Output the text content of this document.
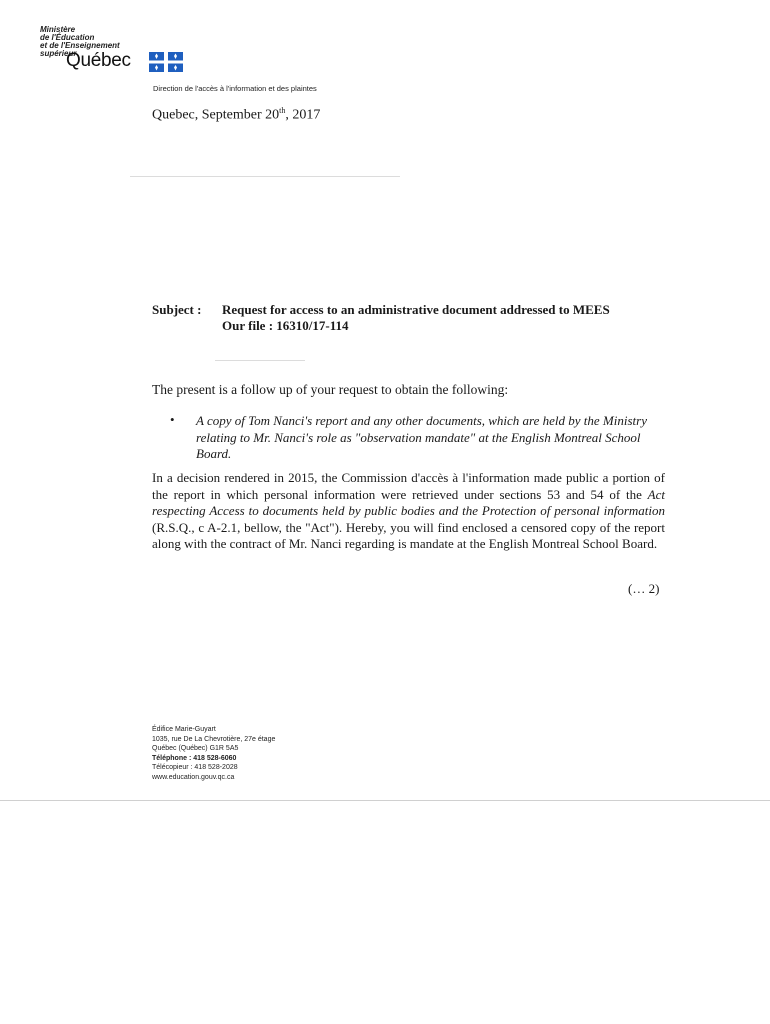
Ministère
de l'Éducation
et de l'Enseignement
supérieur
Québec
Direction de l'accès à l'information et des plaintes
Quebec, September 20th, 2017
Subject : Request for access to an administrative document addressed to MEES
Our file : 16310/17-114
The present is a follow up of your request to obtain the following:
• A copy of Tom Nanci's report and any other documents, which are held by the Ministry relating to Mr. Nanci's role as "observation mandate" at the English Montreal School Board.
In a decision rendered in 2015, the Commission d'accès à l'information made public a portion of the report in which personal information were retrieved under sections 53 and 54 of the Act respecting Access to documents held by public bodies and the Protection of personal information (R.S.Q., c A-2.1, bellow, the "Act"). Hereby, you will find enclosed a censored copy of the report along with the contract of Mr. Nanci regarding is mandate at the English Montreal School Board.
(… 2)
Édifice Marie-Guyart
1035, rue De La Chevrotière, 27e étage
Québec (Québec) G1R 5A5
Téléphone : 418 528-6060
Télécopieur : 418 528-2028
www.education.gouv.qc.ca
